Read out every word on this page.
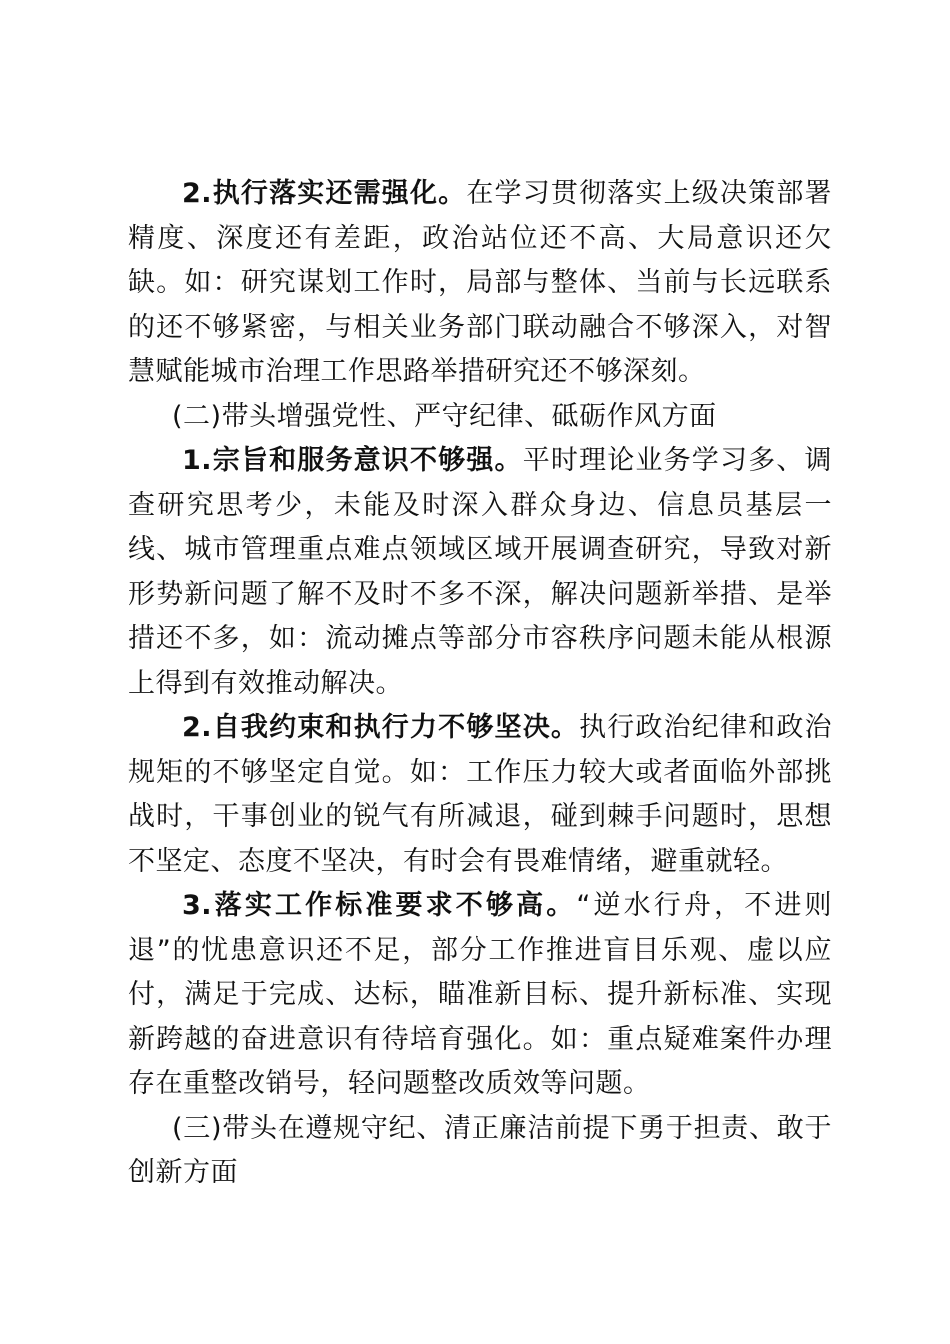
2.执行落实还需强化。在学习贯彻落实上级决策部署精度、深度还有差距，政治站位还不高、大局意识还欠缺。如：研究谋划工作时，局部与整体、当前与长远联系的还不够紧密，与相关业务部门联动融合不够深入，对智慧赋能城市治理工作思路举措研究还不够深刻。

(二)带头增强党性、严守纪律、砥砺作风方面

1.宗旨和服务意识不够强。平时理论业务学习多、调查研究思考少，未能及时深入群众身边、信息员基层一线、城市管理重点难点领域区域开展调查研究，导致对新形势新问题了解不及时不多不深，解决问题新举措、是举措还不多，如：流动摊点等部分市容秩序问题未能从根源上得到有效推动解决。

2.自我约束和执行力不够坚决。执行政治纪律和政治规矩的不够坚定自觉。如：工作压力较大或者面临外部挑战时，干事创业的锐气有所减退，碰到棘手问题时，思想不坚定、态度不坚决，有时会有畏难情绪，避重就轻。

3.落实工作标准要求不够高。“逆水行舟，不进则退”的忧患意识还不足，部分工作推进盲目乐观、虚以应付，满足于完成、达标，瞄准新目标、提升新标准、实现新跨越的奋进意识有待培育强化。如：重点疑难案件办理存在重整改销号，轻问题整改质效等问题。

(三)带头在遵规守纪、清正廉洁前提下勇于担责、敢于创新方面
